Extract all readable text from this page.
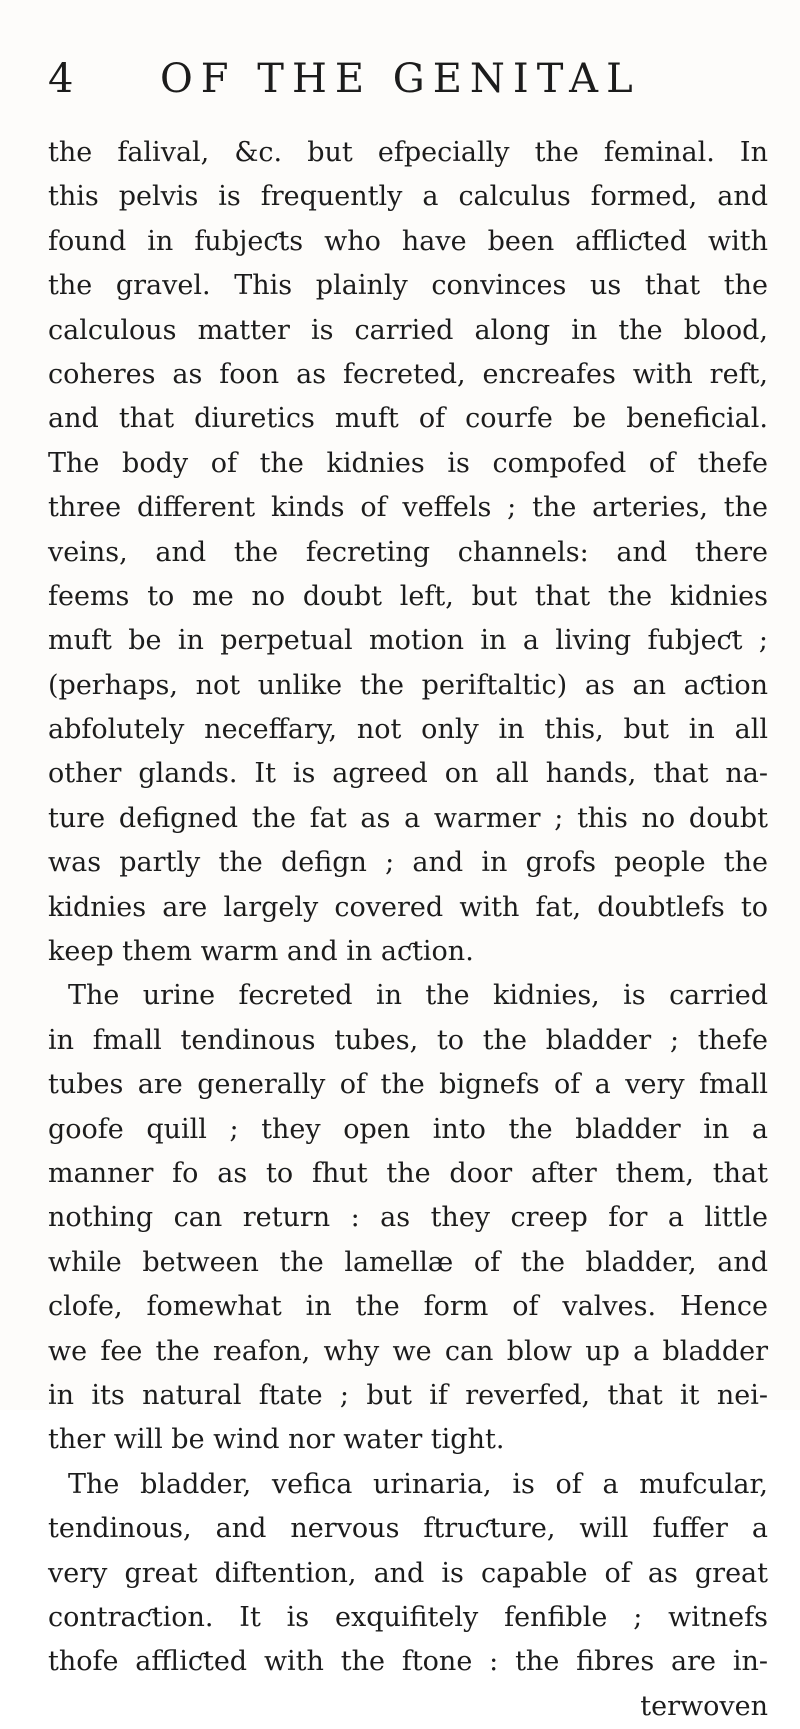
4 OF THE GENITAL
the falival, &c. but efpecially the feminal. In
this pelvis is frequently a calculus formed, and
found in fubjeƈts who have been affliƈted with
the gravel. This plainly convinces us that the
calculous matter is carried along in the blood,
coheres as foon as fecreted, encreafes with reft,
and that diuretics muft of courfe be beneficial.
The body of the kidnies is compofed of thefe
three different kinds of veffels ; the arteries, the
veins, and the fecreting channels: and there
feems to me no doubt left, but that the kidnies
muft be in perpetual motion in a living fubjeƈt ;
(perhaps, not unlike the periftaltic) as an aƈtion
abfolutely neceffary, not only in this, but in all
other glands. It is agreed on all hands, that na-
ture defigned the fat as a warmer ; this no doubt
was partly the defign ; and in grofs people the
kidnies are largely covered with fat, doubtlefs to
keep them warm and in aƈtion.
The urine fecreted in the kidnies, is carried
in fmall tendinous tubes, to the bladder ; thefe
tubes are generally of the bignefs of a very fmall
goofe quill ; they open into the bladder in a
manner fo as to fhut the door after them, that
nothing can return : as they creep for a little
while between the lamellæ of the bladder, and
clofe, fomewhat in the form of valves. Hence
we fee the reafon, why we can blow up a bladder
in its natural ftate ; but if reverfed, that it nei-
ther will be wind nor water tight.
The bladder, vefica urinaria, is of a mufcular,
tendinous, and nervous ftruƈture, will fuffer a
very great diftention, and is capable of as great
contraƈtion. It is exquifitely fenfible ; witnefs
thofe affliƈted with the ftone : the fibres are in-
terwoven
